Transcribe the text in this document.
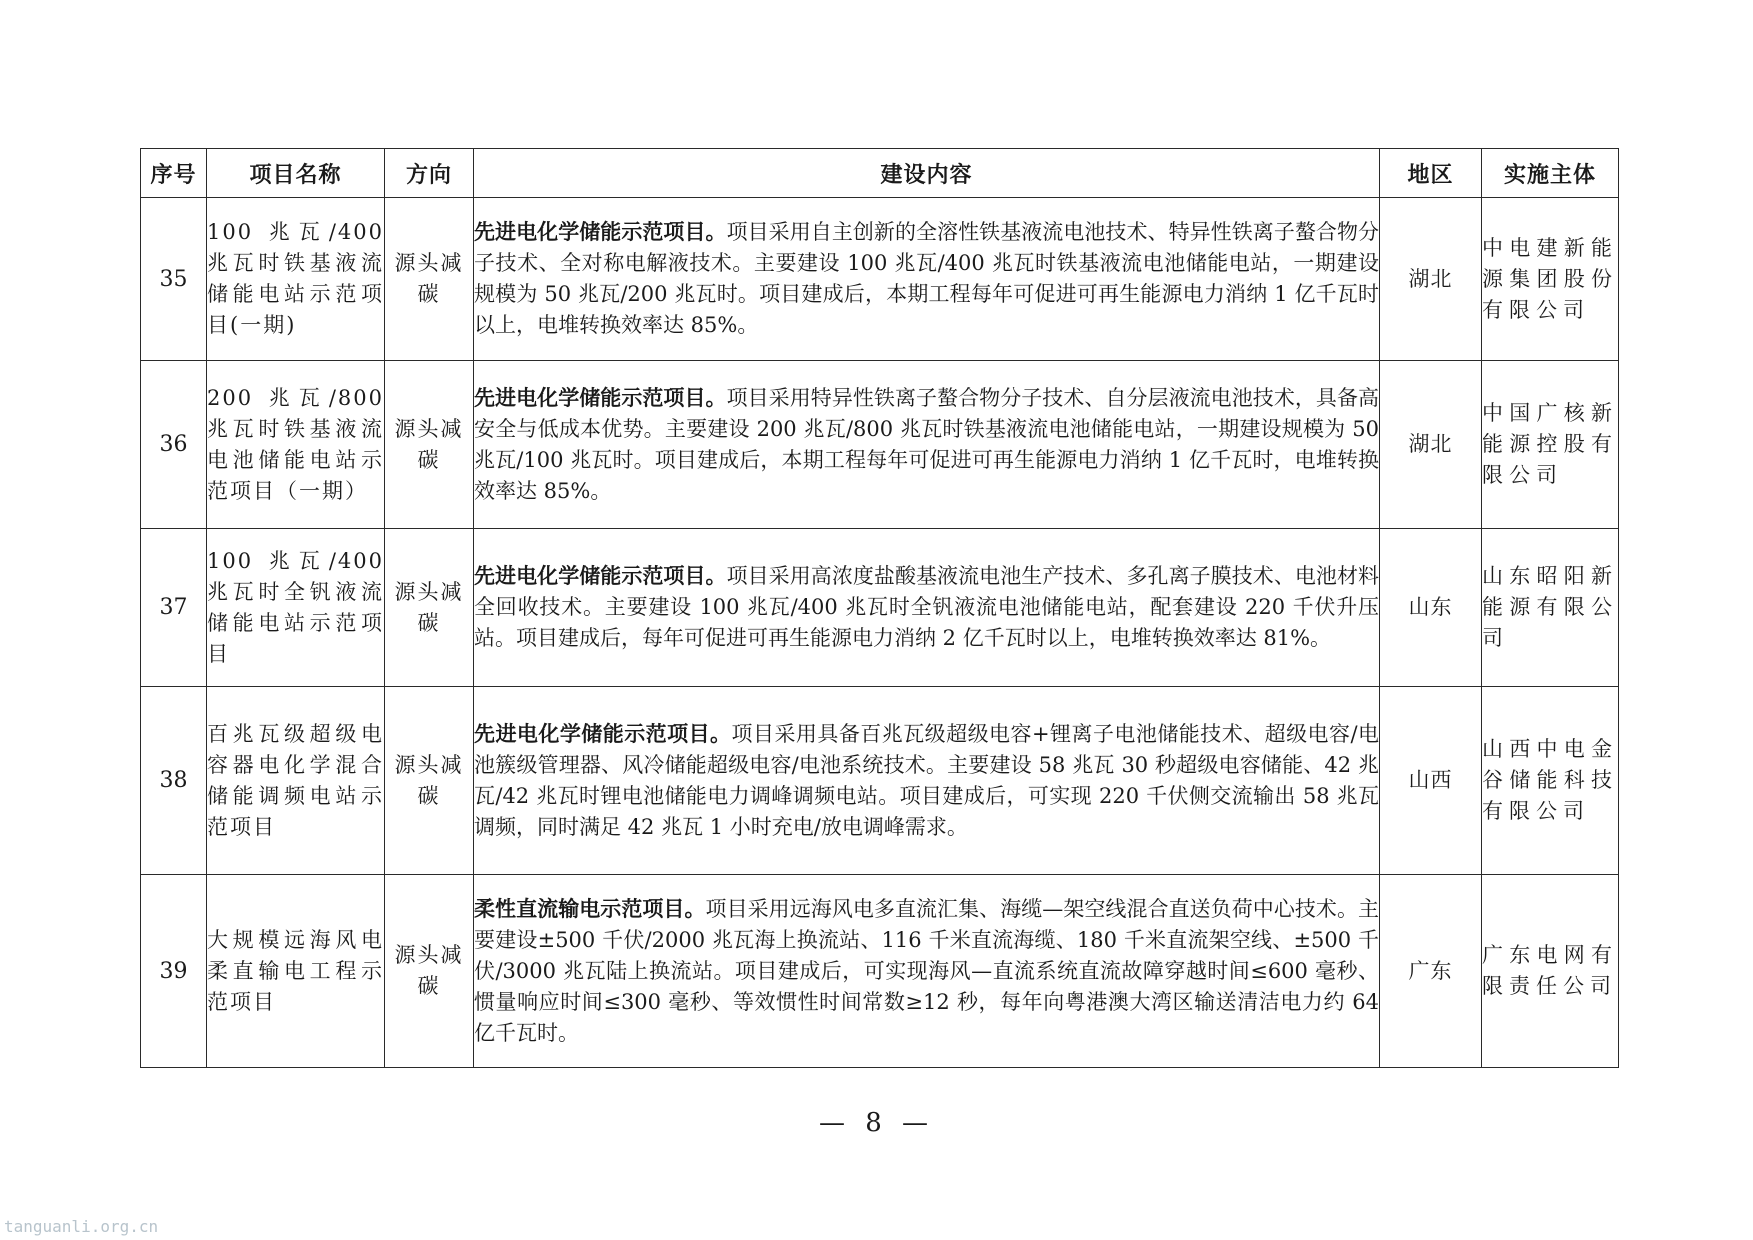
序号	项目名称	方向	建设内容	地区	实施主体
35	100 兆瓦/400 兆瓦时铁基液流储能电站示范项目(一期)	源头减碳	先进电化学储能示范项目。项目采用自主创新的全溶性铁基液流电池技术、特异性铁离子螯合物分子技术、全对称电解液技术。主要建设 100 兆瓦/400 兆瓦时铁基液流电池储能电站，一期建设规模为 50 兆瓦/200 兆瓦时。项目建成后，本期工程每年可促进可再生能源电力消纳 1 亿千瓦时以上，电堆转换效率达 85%。	湖北	中电建新能源集团股份有限公司
36	200 兆瓦/800 兆瓦时铁基液流电池储能电站示范项目（一期）	源头减碳	先进电化学储能示范项目。项目采用特异性铁离子螯合物分子技术、自分层液流电池技术，具备高安全与低成本优势。主要建设 200 兆瓦/800 兆瓦时铁基液流电池储能电站，一期建设规模为 50 兆瓦/100 兆瓦时。项目建成后，本期工程每年可促进可再生能源电力消纳 1 亿千瓦时，电堆转换效率达 85%。	湖北	中国广核新能源控股有限公司
37	100 兆瓦/400 兆瓦时全钒液流储能电站示范项目	源头减碳	先进电化学储能示范项目。项目采用高浓度盐酸基液流电池生产技术、多孔离子膜技术、电池材料全回收技术。主要建设 100 兆瓦/400 兆瓦时全钒液流电池储能电站，配套建设 220 千伏升压站。项目建成后，每年可促进可再生能源电力消纳 2 亿千瓦时以上，电堆转换效率达 81%。	山东	山东昭阳新能源有限公司
38	百兆瓦级超级电容器电化学混合储能调频电站示范项目	源头减碳	先进电化学储能示范项目。项目采用具备百兆瓦级超级电容+锂离子电池储能技术、超级电容/电池簇级管理器、风冷储能超级电容/电池系统技术。主要建设 58 兆瓦 30 秒超级电容储能、42 兆瓦/42 兆瓦时锂电池储能电力调峰调频电站。项目建成后，可实现 220 千伏侧交流输出 58 兆瓦调频，同时满足 42 兆瓦 1 小时充电/放电调峰需求。	山西	山西中电金谷储能科技有限公司
39	大规模远海风电柔直输电工程示范项目	源头减碳	柔性直流输电示范项目。项目采用远海风电多直流汇集、海缆—架空线混合直送负荷中心技术。主要建设±500 千伏/2000 兆瓦海上换流站、116 千米直流海缆、180 千米直流架空线、±500 千伏/3000 兆瓦陆上换流站。项目建成后，可实现海风—直流系统直流故障穿越时间≤600 毫秒、惯量响应时间≤300 毫秒、等效惯性时间常数≥12 秒，每年向粤港澳大湾区输送清洁电力约 64 亿千瓦时。	广东	广东电网有限责任公司
— 8 —
tanguanli.org.cn
